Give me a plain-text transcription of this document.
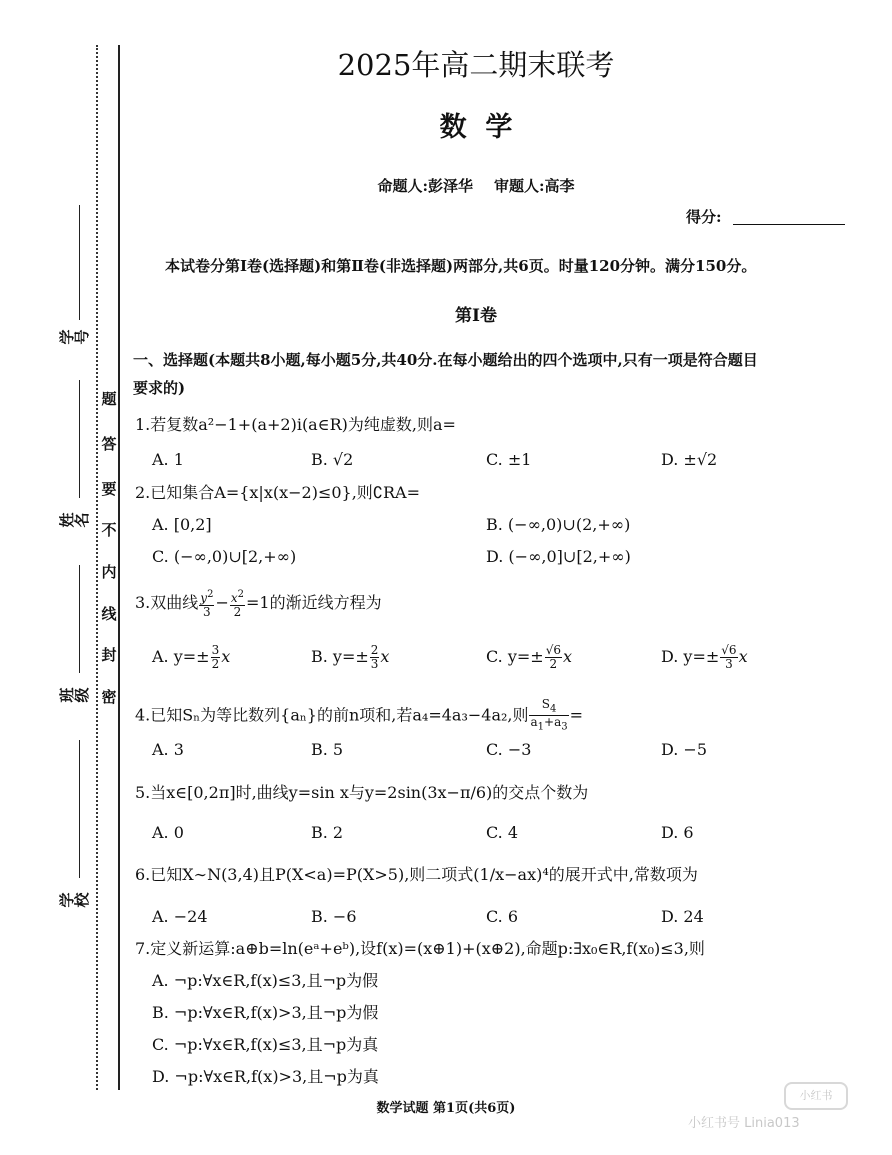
题
答
要
不
内
线
封
密
学号
姓名
班级
学校
2025年高二期末联考
数  学
命题人:彭泽华    审题人:高李
得分:
本试卷分第Ⅰ卷(选择题)和第Ⅱ卷(非选择题)两部分,共6页。时量120分钟。满分150分。
第Ⅰ卷
一、选择题(本题共8小题,每小题5分,共40分.在每小题给出的四个选项中,只有一项是符合题目
要求的)
1.若复数a²−1+(a+2)i(a∈R)为纯虚数,则a=
A. 1	B. √2	C. ±1	D. ±√2
2.已知集合A={x|x(x−2)≤0},则∁RA=
A. [0,2]	B. (−∞,0)∪(2,+∞)
C. (−∞,0)∪[2,+∞)	D. (−∞,0]∪[2,+∞)
3.双曲线 $\frac{y^2}{3} - \frac{x^2}{2} =1$的渐近线方程为
A. $y=\pm \frac{3}{2}$ x	B. $y=\pm \frac{2}{3}$ x	C. $y=\pm \frac{√6}{2}$ x	D. $y=\pm \frac{√6}{3}$ x
4.已知Sₙ为等比数列{aₙ}的前n项和,若a₄=4a₃−4a₂,则 $\frac{S_4}{a_1+a_3}$ =
A. 3	B. 5	C. −3	D. −5
5.当x∈[0,2π]时,曲线y=sin x与y=2sin(3x−π/6)的交点个数为
A. 0	B. 2	C. 4	D. 6
6.已知X∼N(3,4)且P(X<a)=P(X>5),则二项式(1/x−ax)⁴的展开式中,常数项为
A. −24	B. −6	C. 6	D. 24
7.定义新运算:a⊕b=ln(eᵃ+eᵇ),设f(x)=(x⊕1)+(x⊕2),命题p:∃x₀∈R,f(x₀)≤3,则
A. ¬p:∀x∈R,f(x)≤3,且¬p为假
B. ¬p:∀x∈R,f(x)>3,且¬p为假
C. ¬p:∀x∈R,f(x)≤3,且¬p为真
D. ¬p:∀x∈R,f(x)>3,且¬p为真
数学试题 第1页(共6页)
小红书
小红书号 Linia013
